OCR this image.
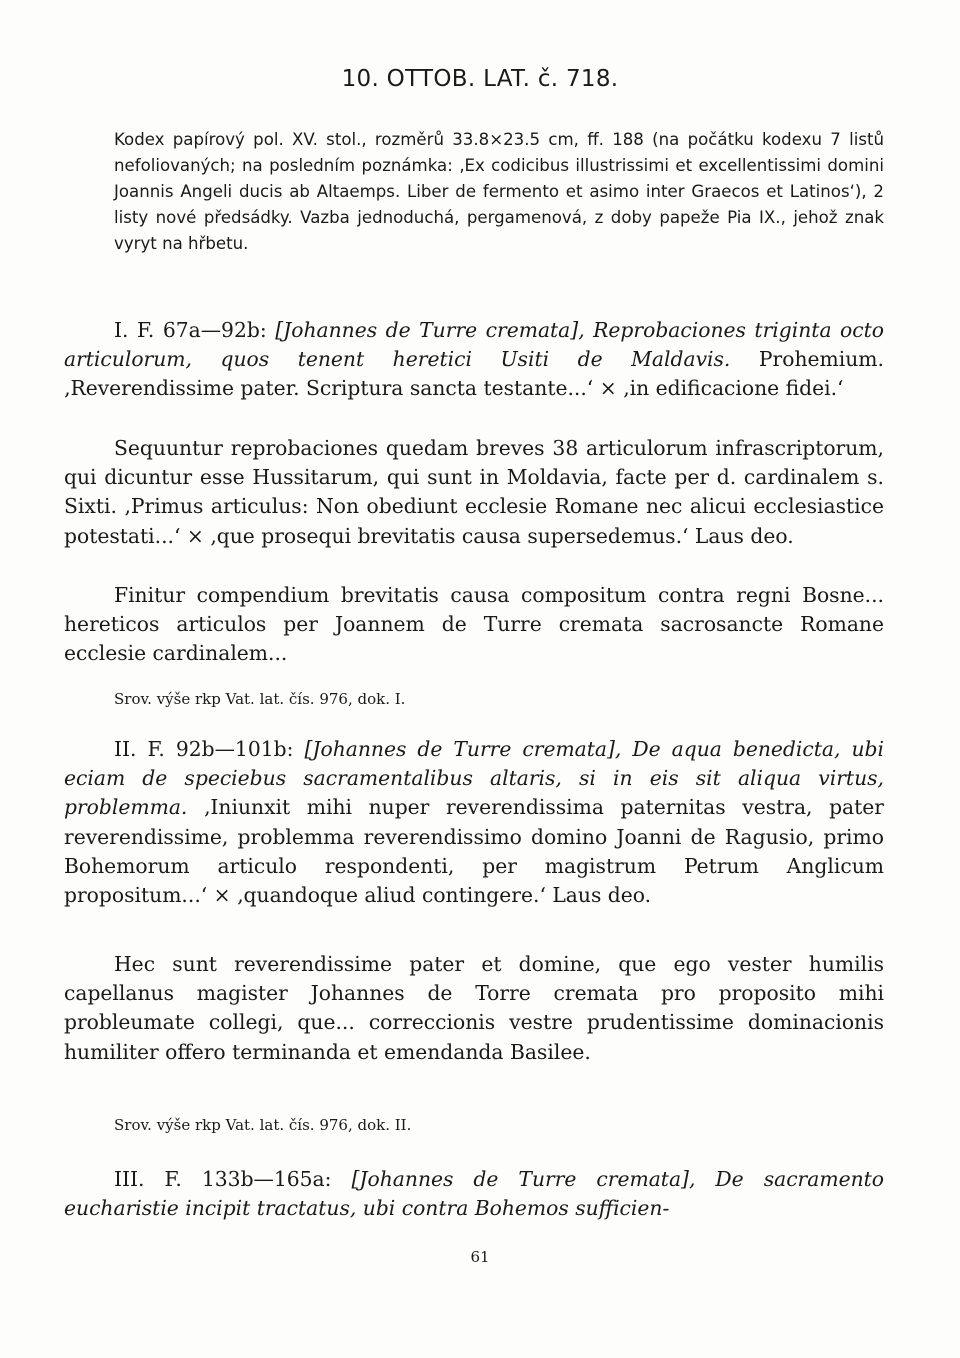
10. OTTOB. LAT. č. 718.

Kodex papírový pol. XV. stol., rozměrů 33.8×23.5 cm, ff. 188 (na počátku kodexu 7 listů nefoliovaných; na posledním poznámka: ‚Ex codicibus illustrissimi et excellentissimi domini Joannis Angeli ducis ab Altaemps. Liber de fermento et asimo inter Graecos et Latinos‘), 2 listy nové předsádky. Vazba jednoduchá, pergamenová, z doby papeže Pia IX., jehož znak vyryt na hřbetu.

I. F. 67a—92b: [Johannes de Turre cremata], Reprobaciones triginta octo articulorum, quos tenent heretici Usiti de Maldavis. Prohemium. ‚Reverendissime pater. Scriptura sancta testante...‘ × ‚in edificacione fidei.‘

Sequuntur reprobaciones quedam breves 38 articulorum infrascriptorum, qui dicuntur esse Hussitarum, qui sunt in Moldavia, facte per d. cardinalem s. Sixti. ‚Primus articulus: Non obediunt ecclesie Romane nec alicui ecclesiastice potestati...‘ × ‚que prosequi brevitatis causa supersedemus.‘ Laus deo.

Finitur compendium brevitatis causa compositum contra regni Bosne... hereticos articulos per Joannem de Turre cremata sacrosancte Romane ecclesie cardinalem...

Srov. výše rkp Vat. lat. čís. 976, dok. I.

II. F. 92b—101b: [Johannes de Turre cremata], De aqua benedicta, ubi eciam de speciebus sacramentalibus altaris, si in eis sit aliqua virtus, problemma. ‚Iniunxit mihi nuper reverendissima paternitas vestra, pater reverendissime, problemma reverendissimo domino Joanni de Ragusio, primo Bohemorum articulo respondenti, per magistrum Petrum Anglicum propositum...‘ × ‚quandoque aliud contingere.‘ Laus deo.

Hec sunt reverendissime pater et domine, que ego vester humilis capellanus magister Johannes de Torre cremata pro proposito mihi probleumate collegi, que... correccionis vestre prudentissime dominacionis humiliter offero terminanda et emendanda Basilee.

Srov. výše rkp Vat. lat. čís. 976, dok. II.

III. F. 133b—165a: [Johannes de Turre cremata], De sacramento eucharistie incipit tractatus, ubi contra Bohemos sufficien-

61
